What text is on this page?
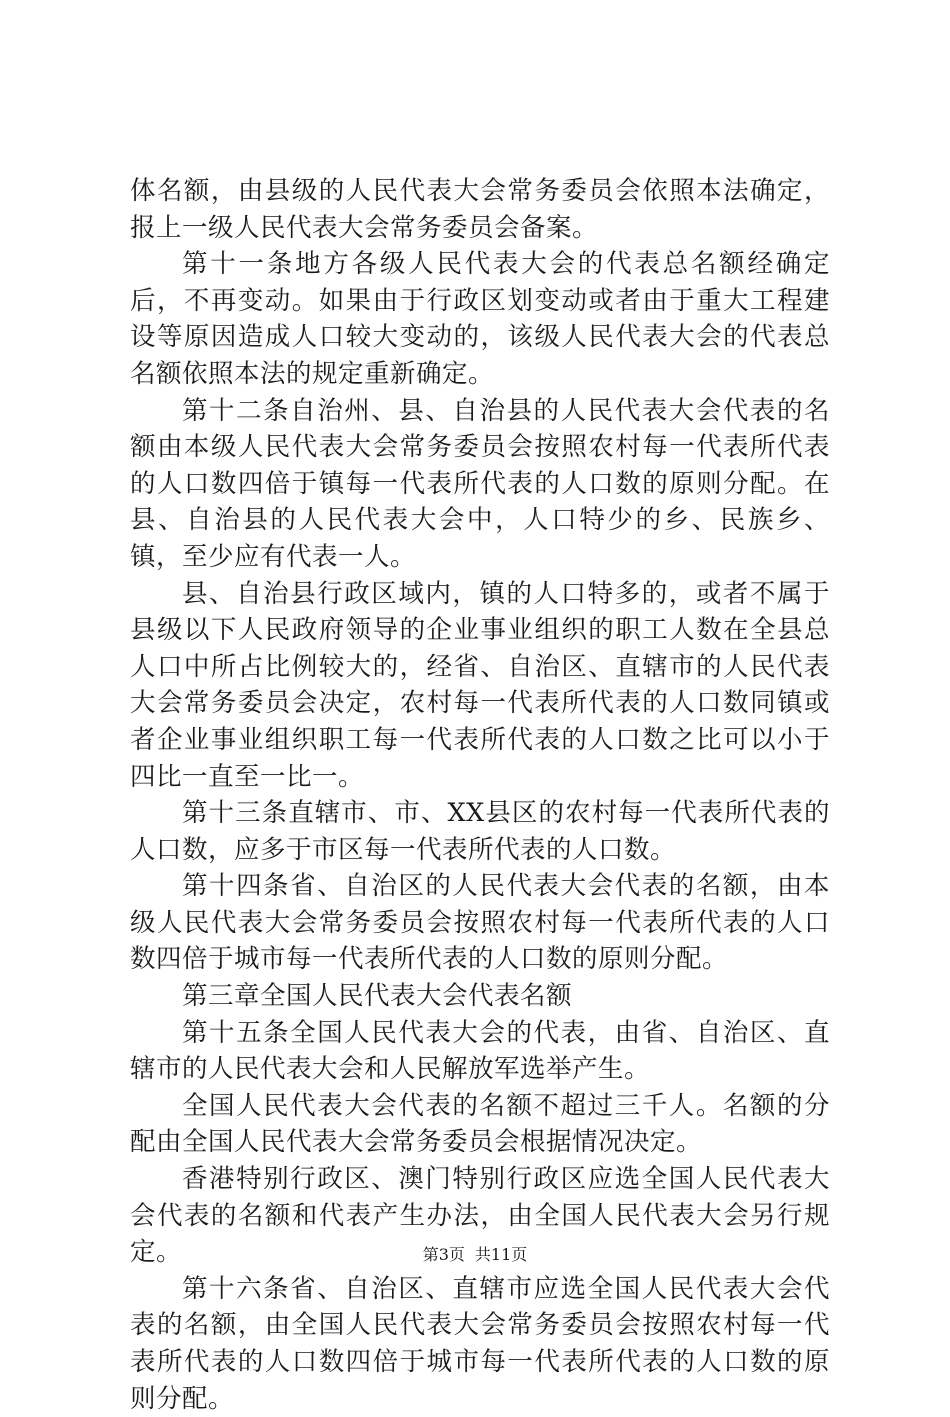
体名额，由县级的人民代表大会常务委员会依照本法确定，报上一级人民代表大会常务委员会备案。

第十一条地方各级人民代表大会的代表总名额经确定后，不再变动。如果由于行政区划变动或者由于重大工程建设等原因造成人口较大变动的，该级人民代表大会的代表总名额依照本法的规定重新确定。

第十二条自治州、县、自治县的人民代表大会代表的名额由本级人民代表大会常务委员会按照农村每一代表所代表的人口数四倍于镇每一代表所代表的人口数的原则分配。在县、自治县的人民代表大会中，人口特少的乡、民族乡、镇，至少应有代表一人。

县、自治县行政区域内，镇的人口特多的，或者不属于县级以下人民政府领导的企业事业组织的职工人数在全县总人口中所占比例较大的，经省、自治区、直辖市的人民代表大会常务委员会决定，农村每一代表所代表的人口数同镇或者企业事业组织职工每一代表所代表的人口数之比可以小于四比一直至一比一。

第十三条直辖市、市、XX县区的农村每一代表所代表的人口数，应多于市区每一代表所代表的人口数。

第十四条省、自治区的人民代表大会代表的名额，由本级人民代表大会常务委员会按照农村每一代表所代表的人口数四倍于城市每一代表所代表的人口数的原则分配。

第三章全国人民代表大会代表名额

第十五条全国人民代表大会的代表，由省、自治区、直辖市的人民代表大会和人民解放军选举产生。

全国人民代表大会代表的名额不超过三千人。名额的分配由全国人民代表大会常务委员会根据情况决定。

香港特别行政区、澳门特别行政区应选全国人民代表大会代表的名额和代表产生办法，由全国人民代表大会另行规定。

第十六条省、自治区、直辖市应选全国人民代表大会代表的名额，由全国人民代表大会常务委员会按照农村每一代表所代表的人口数四倍于城市每一代表所代表的人口数的原则分配。

第3页 共11页
